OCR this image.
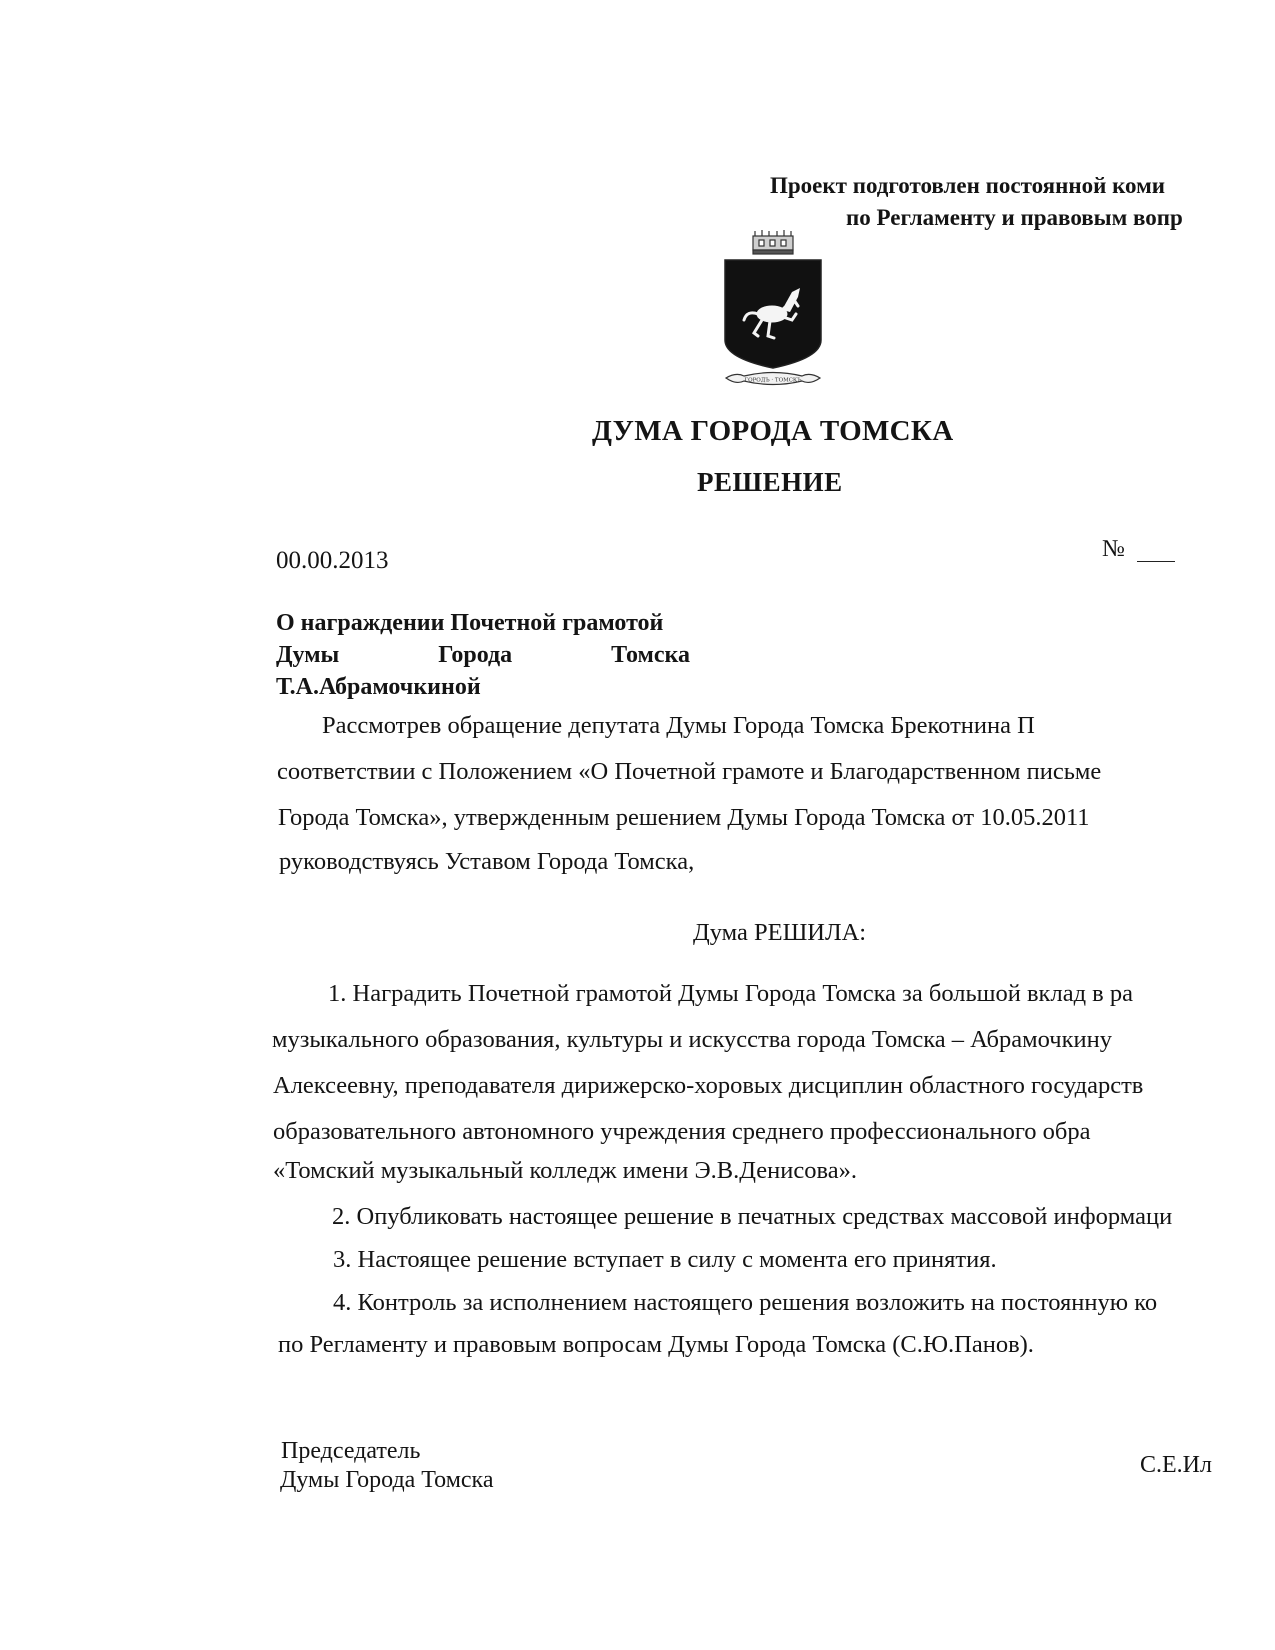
Проект подготовлен постоянной коми
по Регламенту и правовым вопр
ГОРОДЪ · ТОМСКЪ
ДУМА ГОРОДА ТОМСКА
РЕШЕНИЕ
00.00.2013	№
О награждении Почетной грамотой
Думы	Города	Томска
Т.А.Абрамочкиной
Рассмотрев обращение депутата Думы Города Томска Брекотнина П
соответствии с Положением «О Почетной грамоте и Благодарственном письме
Города Томска», утвержденным решением Думы Города Томска от 10.05.2011
руководствуясь Уставом Города Томска,
Дума РЕШИЛА:
1. Наградить Почетной грамотой Думы Города Томска за большой вклад в ра
музыкального образования, культуры и искусства города Томска – Абрамочкину
Алексеевну, преподавателя дирижерско-хоровых дисциплин областного государств
образовательного автономного учреждения среднего профессионального обра
«Томский музыкальный колледж имени Э.В.Денисова».
2. Опубликовать настоящее решение в печатных средствах массовой информаци
3. Настоящее решение вступает в силу с момента его принятия.
4. Контроль за исполнением настоящего решения возложить на постоянную ко
по Регламенту и правовым вопросам Думы Города Томска (С.Ю.Панов).
Председатель
Думы Города Томска
С.Е.Ил
